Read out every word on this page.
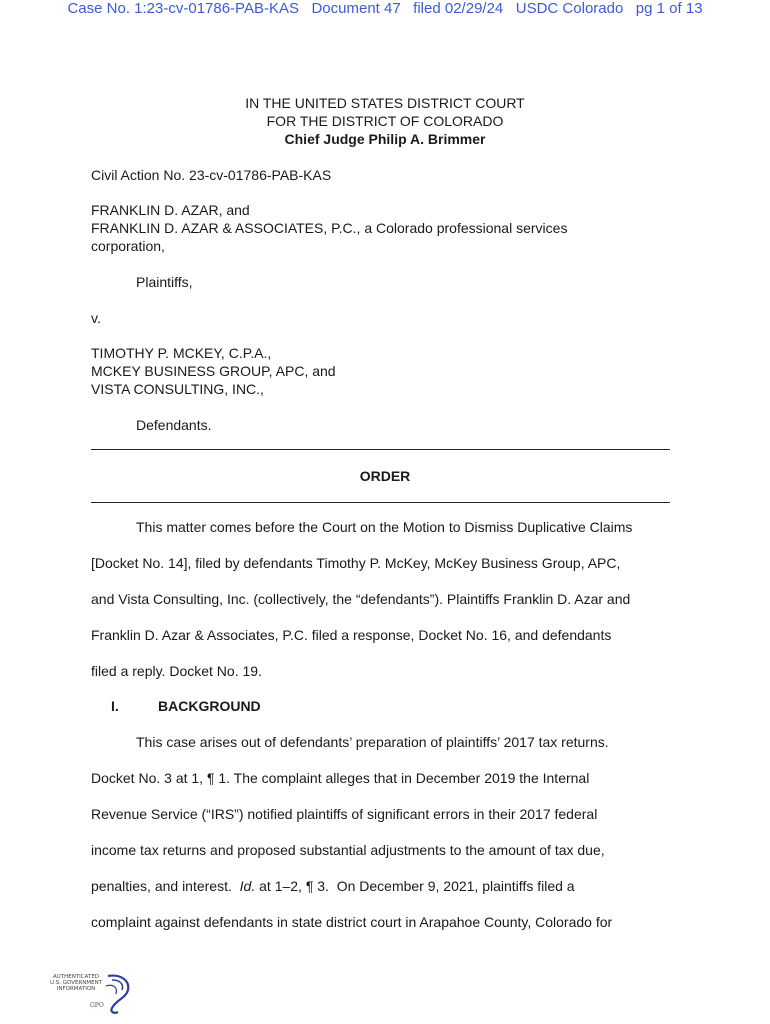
Case No. 1:23-cv-01786-PAB-KAS   Document 47   filed 02/29/24   USDC Colorado   pg 1 of 13
IN THE UNITED STATES DISTRICT COURT
FOR THE DISTRICT OF COLORADO
Chief Judge Philip A. Brimmer
Civil Action No. 23-cv-01786-PAB-KAS
FRANKLIN D. AZAR, and
FRANKLIN D. AZAR & ASSOCIATES, P.C., a Colorado professional services
corporation,
Plaintiffs,
v.
TIMOTHY P. MCKEY, C.P.A.,
MCKEY BUSINESS GROUP, APC, and
VISTA CONSULTING, INC.,
Defendants.
ORDER
This matter comes before the Court on the Motion to Dismiss Duplicative Claims
[Docket No. 14], filed by defendants Timothy P. McKey, McKey Business Group, APC,
and Vista Consulting, Inc. (collectively, the “defendants”). Plaintiffs Franklin D. Azar and
Franklin D. Azar & Associates, P.C. filed a response, Docket No. 16, and defendants
filed a reply. Docket No. 19.
I.	BACKGROUND
This case arises out of defendants’ preparation of plaintiffs’ 2017 tax returns.
Docket No. 3 at 1, ¶ 1. The complaint alleges that in December 2019 the Internal
Revenue Service (“IRS”) notified plaintiffs of significant errors in their 2017 federal
income tax returns and proposed substantial adjustments to the amount of tax due,
penalties, and interest.  Id. at 1–2, ¶ 3.  On December 9, 2021, plaintiffs filed a
complaint against defendants in state district court in Arapahoe County, Colorado for
AUTHENTICATED
U.S. GOVERNMENT
INFORMATION
GPO
